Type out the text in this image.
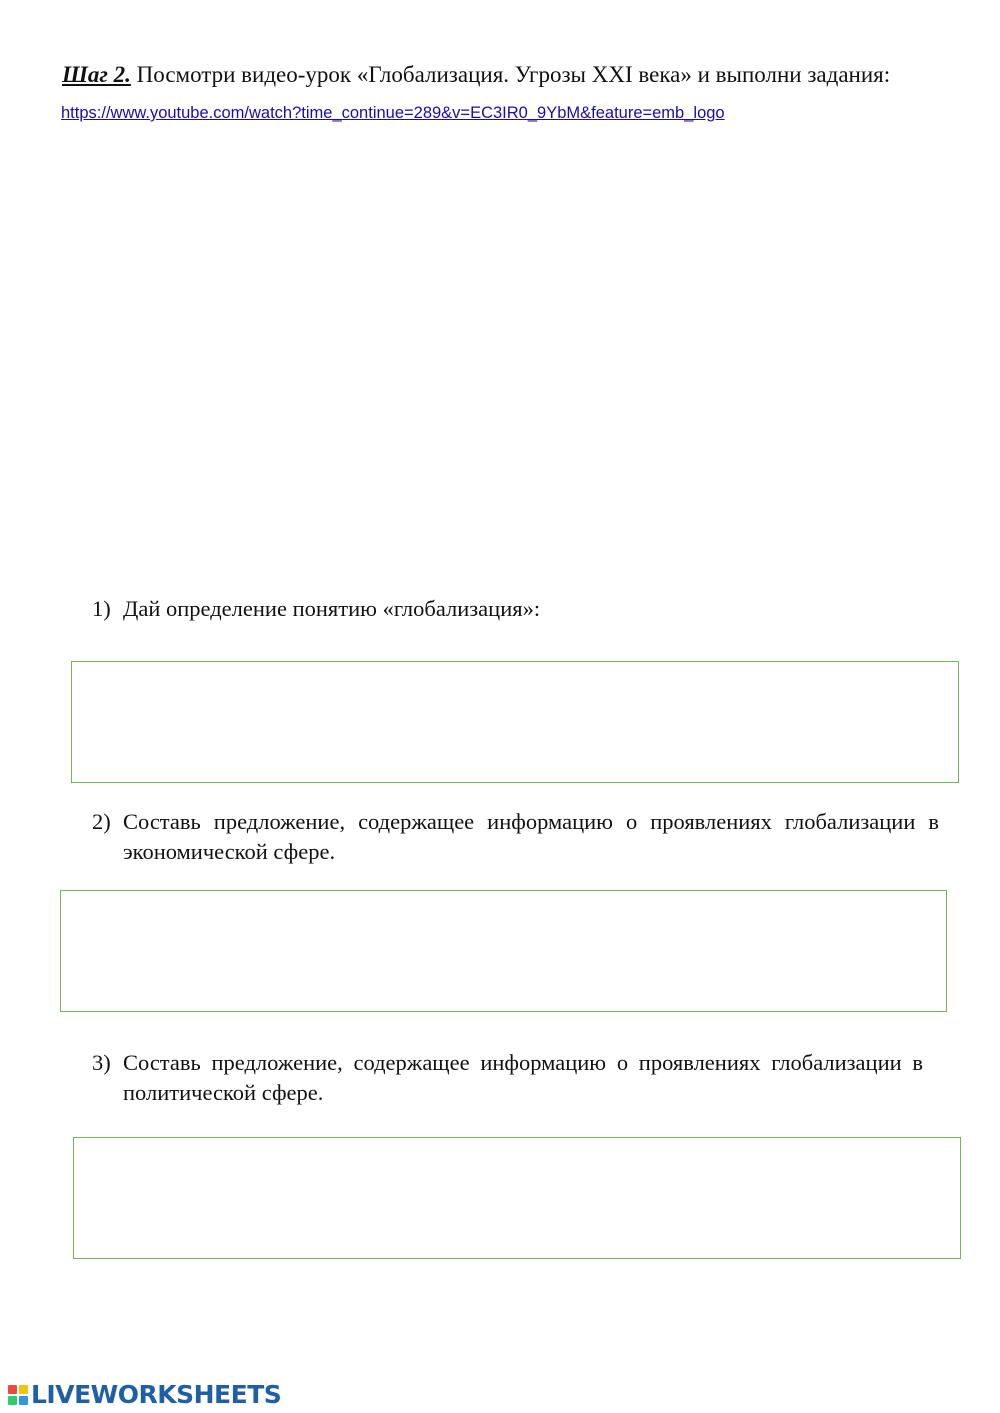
Шаг 2. Посмотри видео-урок «Глобализация. Угрозы XXI века» и выполни задания:
https://www.youtube.com/watch?time_continue=289&v=EC3IR0_9YbM&feature=emb_logo
1) Дай определение понятию «глобализация»:
2) Составь предложение, содержащее информацию о проявлениях глобализации в
экономической сфере.
3) Составь предложение, содержащее информацию о проявлениях глобализации в
политической сфере.
LIVEWORKSHEETS
